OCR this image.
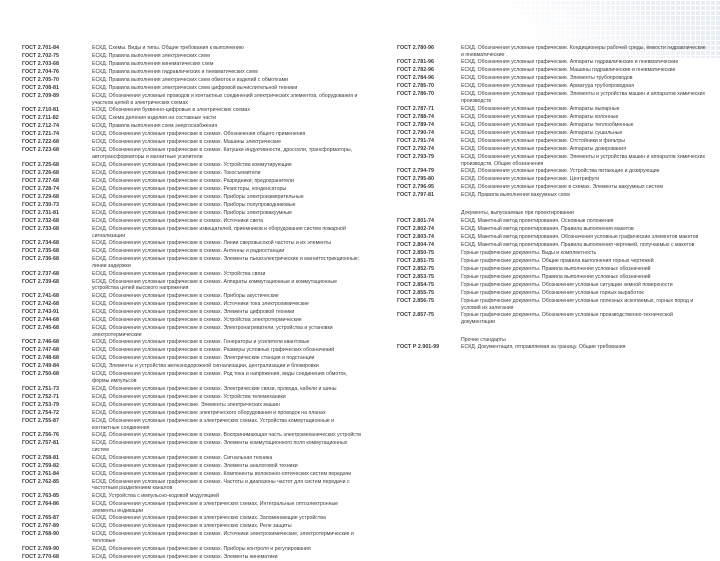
ГОСТ 2.701-84	ЕСКД. Схемы. Виды и типы. Общие требования к выполнению
ГОСТ 2.702-75	ЕСКД. Правила выполнения электрических схем
ГОСТ 2.703-68	ЕСКД. Правила выполнения кинематических схем
ГОСТ 2.704-76	ЕСКД. Правила выполнения гидравлических и пневматических схем
ГОСТ 2.705-70	ЕСКД. Правила выполнения электрических схем обмоток и изделий с обмотками
ГОСТ 2.708-81	ЕСКД. Правила выполнения электрических схем цифровой вычислительной техники
ГОСТ 2.709-89	ЕСКД. Обозначения условные проводов и контактных соединений электрических элементов, оборудования и участков цепей в электрических схемах
ГОСТ 2.710-81	ЕСКД. Обозначения буквенно-цифровые в электрических схемах
ГОСТ 2.711-82	ЕСКД. Схема деления изделия на составные части
ГОСТ 2.712-74	ЕСКД. Правила выполнения схем энергоснабжения
ГОСТ 2.721-74	ЕСКД. Обозначения условные графические в схемах. Обозначения общего применения
ГОСТ 2.722-68	ЕСКД. Обозначения условные графические в схемах. Машины электрические
ГОСТ 2.723-68	ЕСКД. Обозначения условные графические в схемах. Катушки индуктивности, дроссели, трансформаторы, автотрансформаторы и магнитные усилители
ГОСТ 2.725-68	ЕСКД. Обозначения условные графические в схемах. Устройства коммутирующие
ГОСТ 2.726-68	ЕСКД. Обозначения условные графические в схемах. Токосъемители
ГОСТ 2.727-68	ЕСКД. Обозначения условные графические в схемах. Разрядники; предохранители
ГОСТ 2.728-74	ЕСКД. Обозначения условные графические в схемах. Резисторы, конденсаторы
ГОСТ 2.729-68	ЕСКД. Обозначения условные графические в схемах. Приборы электроизмерительные
ГОСТ 2.730-73	ЕСКД. Обозначения условные графические в схемах. Приборы полупроводниковые
ГОСТ 2.731-81	ЕСКД. Обозначения условные графические в схемах. Приборы электровакуумные
ГОСТ 2.732-68	ЕСКД. Обозначения условные графические в схемах. Источники света
ГОСТ 2.733-68	ЕСКД. Обозначения условные графические извещателей, приемников и оборудования систем пожарной сигнализации
ГОСТ 2.734-68	ЕСКД. Обозначения условные графические в схемах. Линии сверхвысокой частоты и их элементы
ГОСТ 2.735-68	ЕСКД. Обозначения условные графические в схемах. Антенны и радиостанции
ГОСТ 2.736-68	ЕСКД. Обозначения условные графические в схемах. Элементы пьезоэлектрические и магнитострикционные; линии задержки
ГОСТ 2.737-68	ЕСКД. Обозначения условные графические в схемах. Устройства связи
ГОСТ 2.739-68	ЕСКД. Обозначения условные графические в схемах. Аппараты коммутационные и коммутационные устройства цепей высокого напряжения
ГОСТ 2.741-68	ЕСКД. Обозначения условные графические в схемах. Приборы акустические
ГОСТ 2.742-68	ЕСКД. Обозначения условные графические в схемах. Источники тока электрохимические
ГОСТ 2.743-91	ЕСКД. Обозначения условные графические в схемах. Элементы цифровой техники
ГОСТ 2.744-68	ЕСКД. Обозначения условные графические в схемах. Устройства электротермические
ГОСТ 2.745-68	ЕСКД. Обозначения условные графические в схемах. Электронагреватели, устройства и установки электротермические
ГОСТ 2.746-68	ЕСКД. Обозначения условные графические в схемах. Генераторы и усилители квантовые
ГОСТ 2.747-68	ЕСКД. Обозначения условные графические в схемах. Размеры условных графических обозначений
ГОСТ 2.748-68	ЕСКД. Обозначения условные графические в схемах. Электрические станции и подстанции
ГОСТ 2.749-84	ЕСКД. Элементы и устройства железнодорожной сигнализации, централизации и блокировки
ГОСТ 2.750-68	ЕСКД. Обозначения условные графические в схемах. Род тока и напряжения, виды соединения обмоток, формы импульсов
ГОСТ 2.751-73	ЕСКД. Обозначения условные графические в схемах. Электрические связи, провода, кабели и шины
ГОСТ 2.752-71	ЕСКД. Обозначения условные графические в схемах. Устройства телемеханики
ГОСТ 2.753-79	ЕСКД. Обозначения условные графические. Элементы электрических машин
ГОСТ 2.754-72	ЕСКД. Обозначения условные графические электрического оборудования и проводок на планах
ГОСТ 2.755-87	ЕСКД. Обозначения условные графические в электрических схемах. Устройства коммутационные и контактные соединения
ГОСТ 2.756-76	ЕСКД. Обозначения условные графические в схемах. Воспринимающая часть электромеханических устройств
ГОСТ 2.757-81	ЕСКД. Обозначения условные графические в схемах. Элементы коммутационного поля коммутационных систем
ГОСТ 2.758-81	ЕСКД. Обозначения условные графические в схемах. Сигнальная техника
ГОСТ 2.759-82	ЕСКД. Обозначения условные графические в схемах. Элементы аналоговой техники
ГОСТ 2.761-84	ЕСКД. Обозначения условные графические в схемах. Компоненты волоконно-оптических систем передачи
ГОСТ 2.762-85	ЕСКД. Обозначения условные графические в схемах. Частоты и диапазоны частот для систем передачи с частотным разделением каналов
ГОСТ 2.763-85	ЕСКД. Устройства с импульсно-кодовой модуляцией
ГОСТ 2.764-86	ЕСКД. Обозначения условные графические в электрических схемах. Интегральные оптоэлектронные элементы индикации
ГОСТ 2.765-87	ЕСКД. Обозначения условные графические в электрических схемах. Запоминающие устройства
ГОСТ 2.767-89	ЕСКД. Обозначения условные графические в электрических схемах. Реле защиты
ГОСТ 2.768-90	ЕСКД. Обозначения условные графические в схемах. Источники электрохимические, электротермические и тепловые
ГОСТ 2.769-90	ЕСКД. Обозначения условные графические в схемах. Приборы контроля и регулирования
ГОСТ 2.770-68	ЕСКД. Обозначения условные графические в схемах. Элементы кинематики
ГОСТ 2.780-96	ЕСКД. Обозначения условные графические. Кондиционеры рабочей среды, ёмкости гидравлические и пневматические
ГОСТ 2.781-96	ЕСКД. Обозначения условные графические. Аппараты гидравлические и пневматические
ГОСТ 2.782-96	ЕСКД. Обозначения условные графические. Машины гидравлические и пневматические
ГОСТ 2.784-96	ЕСКД. Обозначения условные графические. Элементы трубопроводов
ГОСТ 2.785-70	ЕСКД. Обозначения условные графические. Арматура трубопроводная
ГОСТ 2.786-70	ЕСКД. Обозначения условные графические. Элементы и устройства машин и аппаратов химических производств
ГОСТ 2.787-71	ЕСКД. Обозначения условные графические. Аппараты выпарные
ГОСТ 2.788-74	ЕСКД. Обозначения условные графические. Аппараты колонные
ГОСТ 2.789-74	ЕСКД. Обозначения условные графические. Аппараты теплообменные
ГОСТ 2.790-74	ЕСКД. Обозначения условные графические. Аппараты сушильные
ГОСТ 2.791-74	ЕСКД. Обозначения условные графические. Отстойники и фильтры
ГОСТ 2.792-74	ЕСКД. Обозначения условные графические. Аппараты дозирования
ГОСТ 2.793-79	ЕСКД. Обозначения условные графические. Элементы и устройства машин и аппаратов химических производств. Общие обозначения
ГОСТ 2.794-79	ЕСКД. Обозначения условные графические. Устройства питающие и дозирующие
ГОСТ 2.795-80	ЕСКД. Обозначения условные графические. Центрифуги
ГОСТ 2.796-95	ЕСКД. Обозначения условные графические в схемах. Элементы вакуумных систем
ГОСТ 2.797-81	ЕСКД. Правила выполнения вакуумных схем
Документы, выпускаемые при проектировании
ГОСТ 2.801-74	ЕСКД. Макетный метод проектирования. Основные положения
ГОСТ 2.802-74	ЕСКД. Макетный метод проектирования. Правила выполнения макетов
ГОСТ 2.803-74	ЕСКД. Макетный метод проектирования. Обозначения условные графические элементов макетов
ГОСТ 2.804-74	ЕСКД. Макетный метод проектирования. Правила выполнения чертежей, получаемых с макетов
ГОСТ 2.850-75	Горные графические документы. Виды и комплектность
ГОСТ 2.851-75	Горные графические документы. Общие правила выполнения горных чертежей
ГОСТ 2.852-75	Горные графические документы. Правила выполнения условных обозначений
ГОСТ 2.853-75	Горные графические документы. Правила выполнения условных обозначений
ГОСТ 2.854-75	Горные графические документы. Обозначения условные ситуации земной поверхности
ГОСТ 2.855-75	Горные графические документы. Обозначения условные горных выработок
ГОСТ 2.856-75	Горные графические документы. Обозначения условные полезных ископаемых, горных пород и условий их залегания
ГОСТ 2.857-75	Горные графические документы. Обозначения условные производственно-технической документации
Прочие стандарты
ГОСТ Р 2.901-99	ЕСКД. Документация, отправляемая за границу. Общие требования
